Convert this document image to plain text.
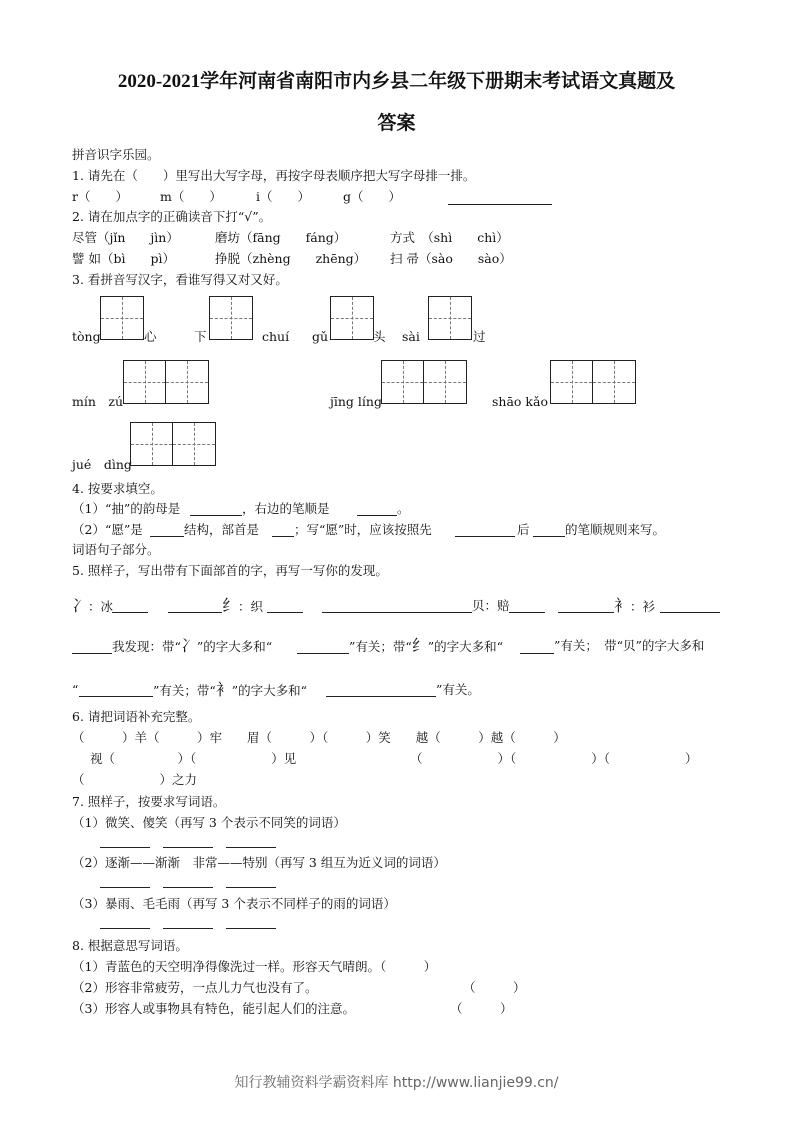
2020-2021学年河南省南阳市内乡县二年级下册期末考试语文真题及
答案
拼音识字乐园。
1. 请先在（　　）里写出大写字母，再按字母表顺序把大写字母排一排。
r（　　）	m（　　）	i（　　）	g（　　）
2. 请在加点字的正确读音下打“√”。
尽管（jǐn　　jìn）	磨坊（fāng　　fáng）	方式　（shì　　chì）
譬 如（bì　　pì）	挣脱（zhèng　　zhēng） 扫 帚（sào　　sào）
3. 看拼音写汉字，看谁写得又对又好。
tòng	心	下	chuí gǔ	头 sài	过
mín　zú	jīng líng	shāo kǎo
jué　dìng
4. 按要求填空。
（1）“抽”的韵母是	，右边的笔顺是	。
（2）“愿”是	结构，部首是	；写“愿”时，应该按照先	后	的笔顺规则来写。
词语句子部分。
5. 照样子，写出带有下面部首的字，再写一写你的发现。
冫：冰	纟：织	贝：赔	衤：衫
我发现：带“冫”的字大多和“	”有关；带“纟”的字大多和“	”有关；　带“贝”的字大多和
“	”有关；带“衤”的字大多和“	”有关。
6. 请把词语补充完整。
（　　　）羊（　　　）牢　　眉（　　　）（　　　）笑　　越（　　　）越（　　　）
视（　　　　　）（　　　　　　）见	（　　　　　　）（　　　　　　）（　　　　　　）
（　　　　　　）之力
7. 照样子，按要求写词语。
（1）微笑、傻笑（再写 3 个表示不同笑的词语）
（2）逐渐——渐渐　非常——特别（再写 3 组互为近义词的词语）
（3）暴雨、毛毛雨（再写 3 个表示不同样子的雨的词语）
8. 根据意思写词语。
（1）青蓝色的天空明净得像洗过一样。形容天气晴朗。（　　　）
（2）形容非常疲劳，一点儿力气也没有了。	（　　　）
（3）形容人或事物具有特色，能引起人们的注意。	（　　　）
知行教辅资料学霸资料库 http://www.lianjie99.cn/
